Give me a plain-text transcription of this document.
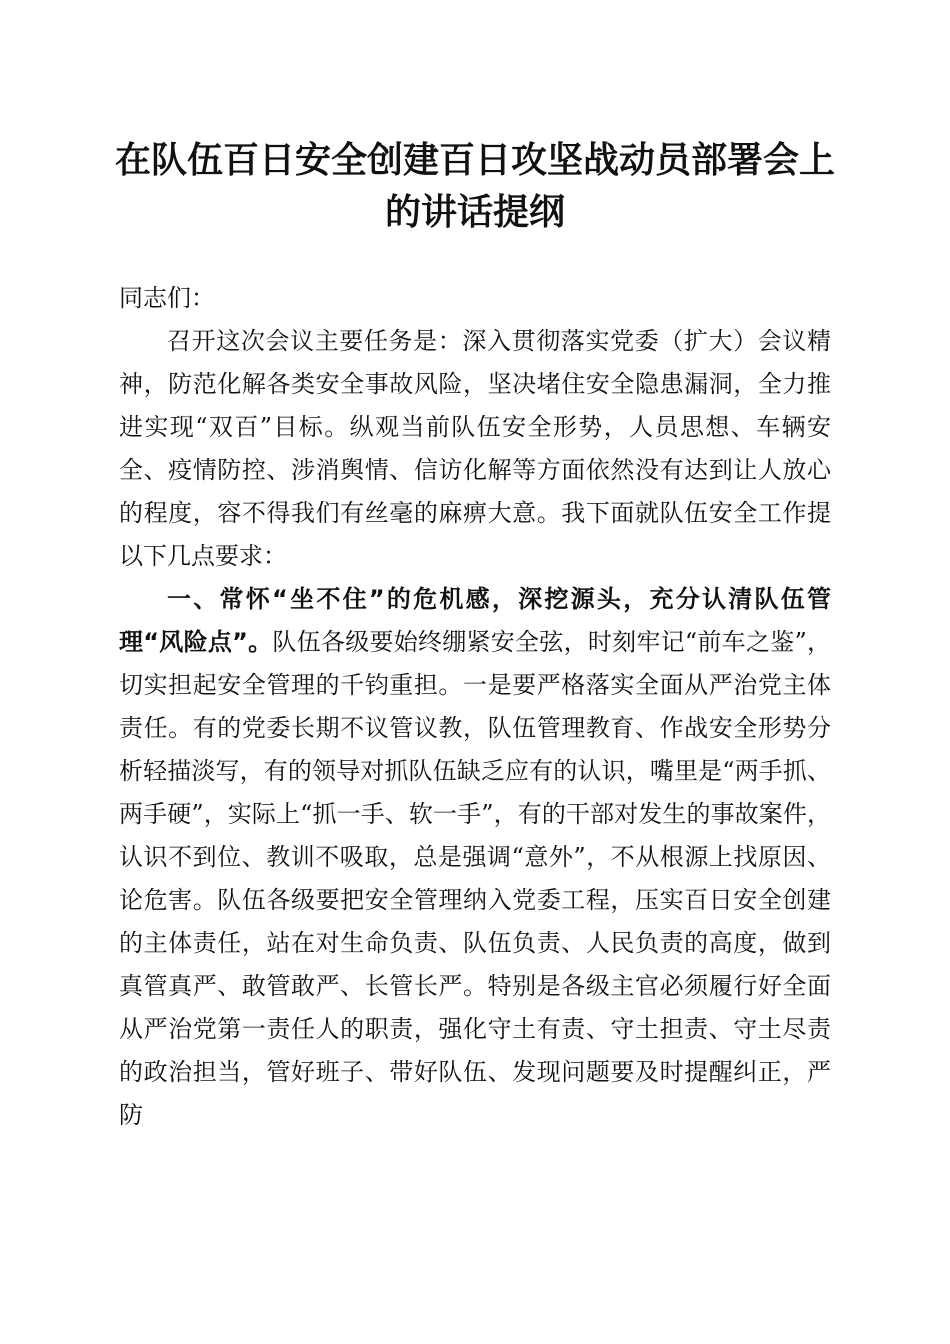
在队伍百日安全创建百日攻坚战动员部署会上
的讲话提纲

同志们：

召开这次会议主要任务是：深入贯彻落实党委（扩大）会议精神，防范化解各类安全事故风险，坚决堵住安全隐患漏洞，全力推进实现“双百”目标。纵观当前队伍安全形势，人员思想、车辆安全、疫情防控、涉消舆情、信访化解等方面依然没有达到让人放心的程度，容不得我们有丝毫的麻痹大意。我下面就队伍安全工作提以下几点要求：

一、常怀“坐不住”的危机感，深挖源头，充分认清队伍管理“风险点”。队伍各级要始终绷紧安全弦，时刻牢记“前车之鉴”，切实担起安全管理的千钧重担。一是要严格落实全面从严治党主体责任。有的党委长期不议管议教，队伍管理教育、作战安全形势分析轻描淡写，有的领导对抓队伍缺乏应有的认识，嘴里是“两手抓、两手硬”，实际上“抓一手、软一手”，有的干部对发生的事故案件，认识不到位、教训不吸取，总是强调“意外”，不从根源上找原因、论危害。队伍各级要把安全管理纳入党委工程，压实百日安全创建的主体责任，站在对生命负责、队伍负责、人民负责的高度，做到真管真严、敢管敢严、长管长严。特别是各级主官必须履行好全面从严治党第一责任人的职责，强化守土有责、守土担责、守土尽责的政治担当，管好班子、带好队伍、发现问题要及时提醒纠正，严防
